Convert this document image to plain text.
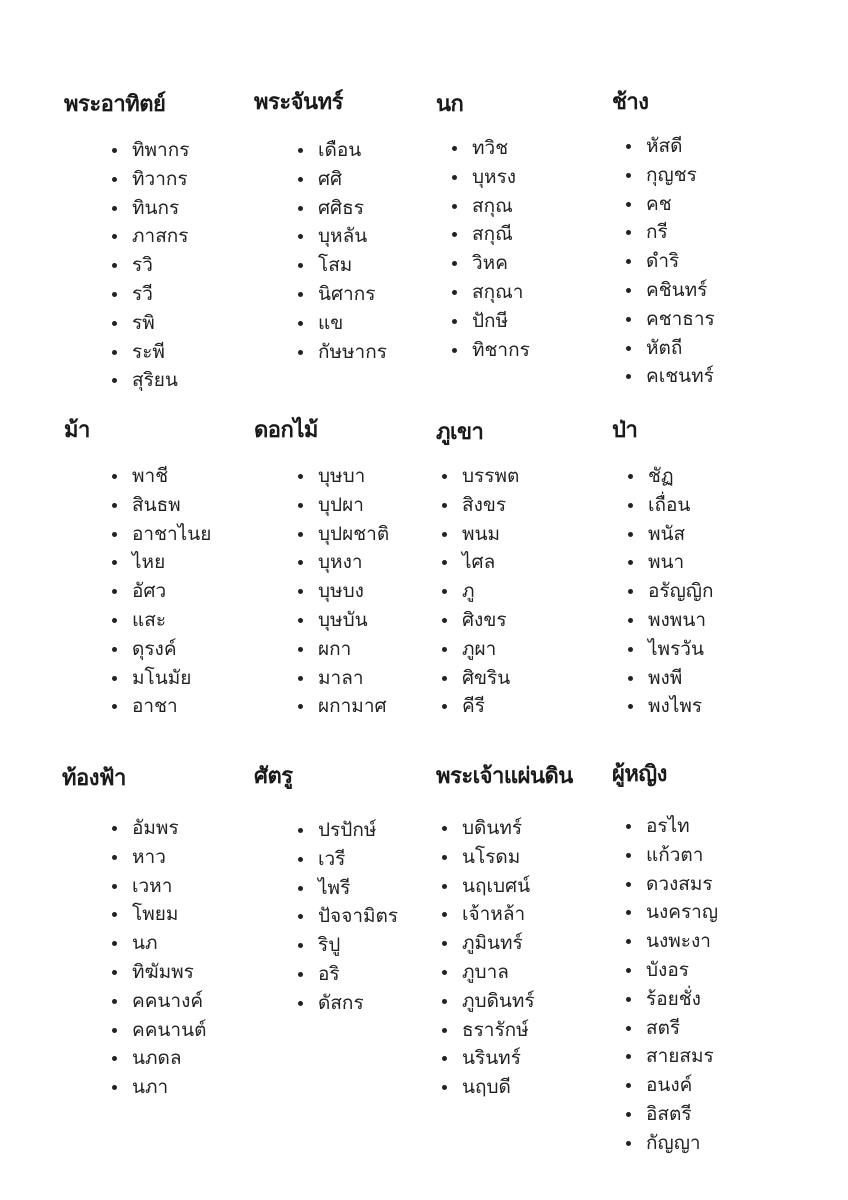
พระอาทิตย์
ทิพากร
ทิวากร
ทินกร
ภาสกร
รวิ
รวี
รพิ
ระพี
สุริยน
พระจันทร์
เดือน
ศศิ
ศศิธร
บุหลัน
โสม
นิศากร
แข
กัษษากร
นก
ทวิช
บุหรง
สกุณ
สกุณี
วิหค
สกุณา
ปักษี
ทิชากร
ช้าง
หัสดี
กุญชร
คช
กรี
ดำริ
คชินทร์
คชาธาร
หัตถี
คเชนทร์
ม้า
พาชี
สินธพ
อาชาไนย
ไหย
อัศว
แสะ
ดุรงค์
มโนมัย
อาชา
ดอกไม้
บุษบา
บุปผา
บุปผชาติ
บุหงา
บุษบง
บุษบัน
ผกา
มาลา
ผกามาศ
ภูเขา
บรรพต
สิงขร
พนม
ไศล
ภู
ศิงขร
ภูผา
ศิขริน
คีรี
ป่า
ชัฏ
เถื่อน
พนัส
พนา
อรัญญิก
พงพนา
ไพรวัน
พงพี
พงไพร
ท้องฟ้า
อัมพร
หาว
เวหา
โพยม
นภ
ทิฆัมพร
คคนางค์
คคนานต์
นภดล
นภา
ศัตรู
ปรปักษ์
เวรี
ไพรี
ปัจจามิตร
ริปู
อริ
ดัสกร
พระเจ้าแผ่นดิน
บดินทร์
นโรดม
นฤเบศน์
เจ้าหล้า
ภูมินทร์
ภูบาล
ภูบดินทร์
ธรารักษ์
นรินทร์
นฤบดี
ผู้หญิง
อรไท
แก้วตา
ดวงสมร
นงคราญ
นงพะงา
บังอร
ร้อยชั่ง
สตรี
สายสมร
อนงค์
อิสตรี
กัญญา
